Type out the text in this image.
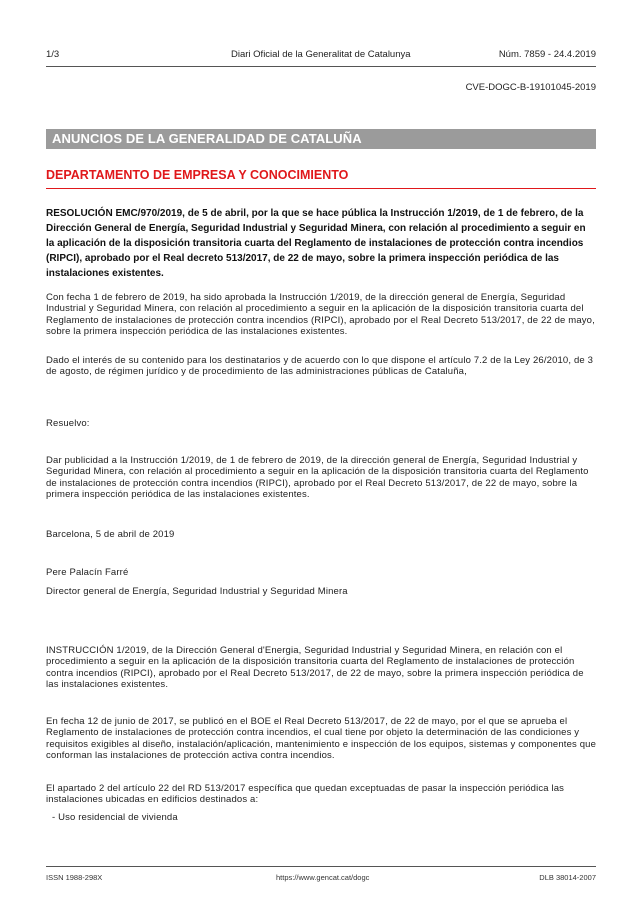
1/3	Diari Oficial de la Generalitat de Catalunya	Núm. 7859 - 24.4.2019
CVE-DOGC-B-19101045-2019
ANUNCIOS DE LA GENERALIDAD DE CATALUÑA
DEPARTAMENTO DE EMPRESA Y CONOCIMIENTO

RESOLUCIÓN EMC/970/2019, de 5 de abril, por la que se hace pública la Instrucción 1/2019, de 1 de febrero, de la Dirección General de Energía, Seguridad Industrial y Seguridad Minera, con relación al procedimiento a seguir en la aplicación de la disposición transitoria cuarta del Reglamento de instalaciones de protección contra incendios (RIPCI), aprobado por el Real decreto 513/2017, de 22 de mayo, sobre la primera inspección periódica de las instalaciones existentes.

Con fecha 1 de febrero de 2019, ha sido aprobada la Instrucción 1/2019, de la dirección general de Energía, Seguridad Industrial y Seguridad Minera, con relación al procedimiento a seguir en la aplicación de la disposición transitoria cuarta del Reglamento de instalaciones de protección contra incendios (RIPCI), aprobado por el Real Decreto 513/2017, de 22 de mayo, sobre la primera inspección periódica de las instalaciones existentes.

Dado el interés de su contenido para los destinatarios y de acuerdo con lo que dispone el artículo 7.2 de la Ley 26/2010, de 3 de agosto, de régimen jurídico y de procedimiento de las administraciones públicas de Cataluña,

Resuelvo:

Dar publicidad a la Instrucción 1/2019, de 1 de febrero de 2019, de la dirección general de Energía, Seguridad Industrial y Seguridad Minera, con relación al procedimiento a seguir en la aplicación de la disposición transitoria cuarta del Reglamento de instalaciones de protección contra incendios (RIPCI), aprobado por el Real Decreto 513/2017, de 22 de mayo, sobre la primera inspección periódica de las instalaciones existentes.

Barcelona, 5 de abril de 2019

Pere Palacín Farré

Director general de Energía, Seguridad Industrial y Seguridad Minera

INSTRUCCIÓN 1/2019, de la Dirección General d'Energia, Seguridad Industrial y Seguridad Minera, en relación con el procedimiento a seguir en la aplicación de la disposición transitoria cuarta del Reglamento de instalaciones de protección contra incendios (RIPCI), aprobado por el Real Decreto 513/2017, de 22 de mayo, sobre la primera inspección periódica de las instalaciones existentes.

En fecha 12 de junio de 2017, se publicó en el BOE el Real Decreto 513/2017, de 22 de mayo, por el que se aprueba el Reglamento de instalaciones de protección contra incendios, el cual tiene por objeto la determinación de las condiciones y requisitos exigibles al diseño, instalación/aplicación, mantenimiento e inspección de los equipos, sistemas y componentes que conforman las instalaciones de protección activa contra incendios.

El apartado 2 del artículo 22 del RD 513/2017 específica que quedan exceptuadas de pasar la inspección periódica las instalaciones ubicadas en edificios destinados a:

- Uso residencial de vivienda

ISSN 1988-298X	https://www.gencat.cat/dogc	DLB 38014-2007
